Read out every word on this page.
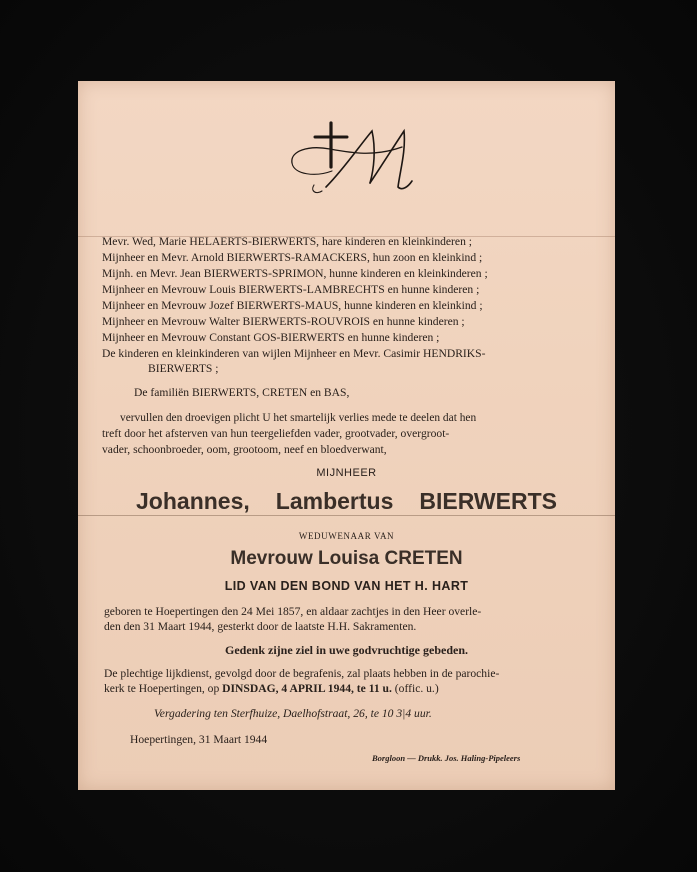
Mevr. Wed, Marie HELAERTS-BIERWERTS, hare kinderen en kleinkinderen ;
Mijnheer en Mevr. Arnold BIERWERTS-RAMACKERS, hun zoon en kleinkind ;
Mijnh. en Mevr. Jean BIERWERTS-SPRIMON, hunne kinderen en kleinkinderen ;
Mijnheer en Mevrouw Louis BIERWERTS-LAMBRECHTS en hunne kinderen ;
Mijnheer en Mevrouw Jozef BIERWERTS-MAUS, hunne kinderen en kleinkind ;
Mijnheer en Mevrouw Walter BIERWERTS-ROUVROIS en hunne kinderen ;
Mijnheer en Mevrouw Constant GOS-BIERWERTS en hunne kinderen ;
De kinderen en kleinkinderen van wijlen Mijnheer en Mevr. Casimir HENDRIKS-
BIERWERTS ;
De familiën BIERWERTS, CRETEN en BAS,
vervullen den droevigen plicht U het smartelijk verlies mede te deelen dat hen
treft door het afsterven van hun teergeliefden vader, grootvader, overgroot-
vader, schoonbroeder, oom, grootoom, neef en bloedverwant,
MIJNHEER
Johannes, Lambertus BIERWERTS
WEDUWENAAR VAN
Mevrouw Louisa CRETEN
LID VAN DEN BOND VAN HET H. HART
geboren te Hoepertingen den 24 Mei 1857, en aldaar zachtjes in den Heer overle-
den den 31 Maart 1944, gesterkt door de laatste H.H. Sakramenten.
Gedenk zijne ziel in uwe godvruchtige gebeden.
De plechtige lijkdienst, gevolgd door de begrafenis, zal plaats hebben in de parochie-
kerk te Hoepertingen, op DINSDAG, 4 APRIL 1944, te 11 u. (offic. u.)
Vergadering ten Sterfhuize, Daelhofstraat, 26, te 10 3|4 uur.
Hoepertingen, 31 Maart 1944
Borgloon — Drukk. Jos. Haling-Pipeleers
